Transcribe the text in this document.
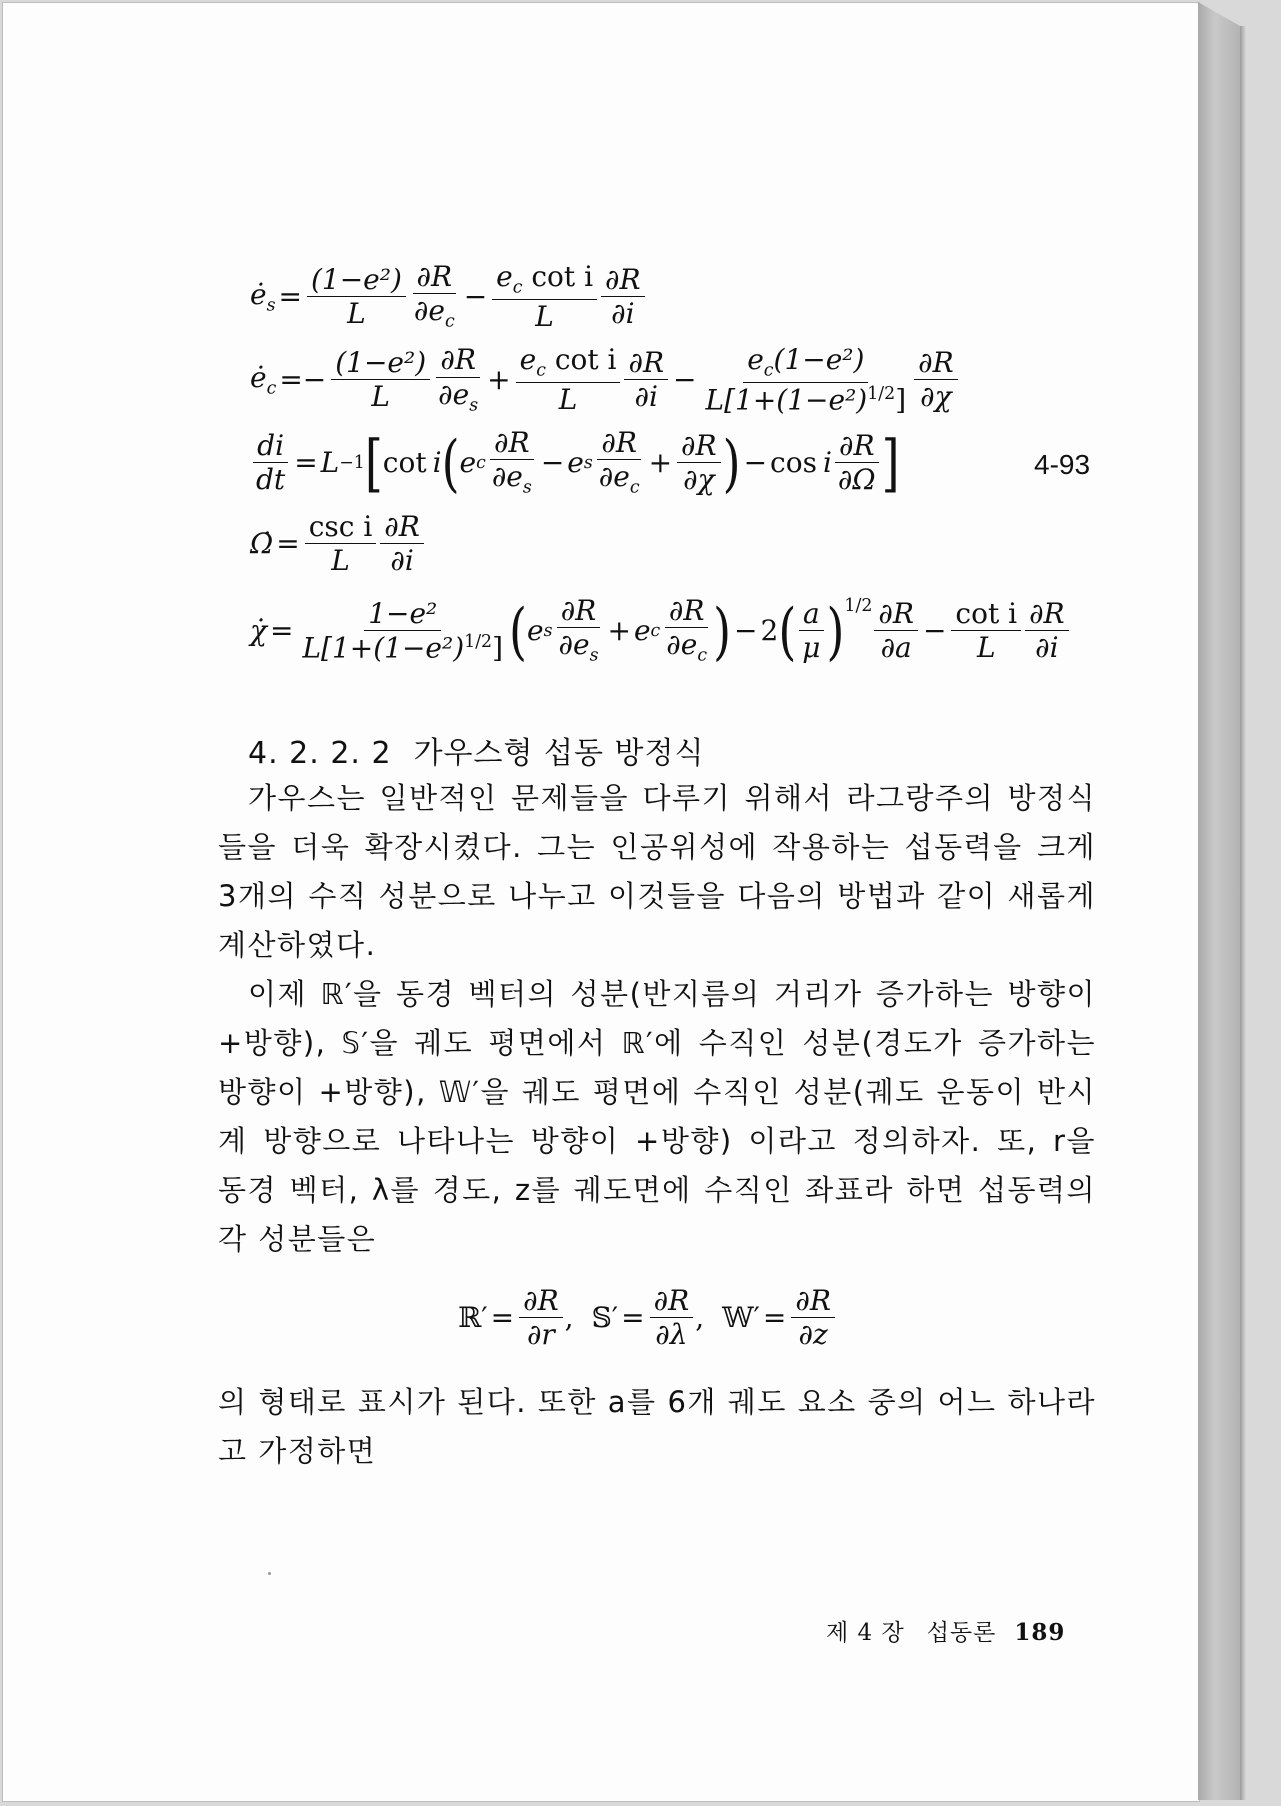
$ė_s = \frac{\text{(1−e²)}}{L} \frac{\partial R}{\partial e_c} - \frac{e_c \cot i}{L} \frac{\partial R}{\partial i}$
$ė_c =- \frac{\text{(1−e²)}}{L} \frac{\partial R}{\partial e_s} + \frac{e_c \cot i}{L} \frac{\partial R}{\partial i} - \frac{e_c(1-e^2)}{L[1+(1-e^2)^{1/2}]} \frac{\partial R}{\partial\chi}$
$\frac{di}{dt} = L -1$ [ cot i ( e c $\frac{\partial R}{\partial e_s} - e$ s $\frac{\partial R}{\partial e_c} + \frac{\partial R}{\partial\chi}$ ) − cos i $\frac{\partial R}{\partial\Omega}$ ]	4-93
Ω̇ = $\frac{\text{csc i}}{L} \frac{\partial R}{\partial i}$
χ̇ = $\frac{\text{1−e²}}{L[1+(1-e^2)^{1/2}]}$ ( e s $\frac{\partial R}{\partial e_s} + e$ c $\frac{\partial R}{\partial e_c}$ ) − 2 ( $\frac{a}{\mu} )^{1/2} \frac{\partial R}{\partial a} - \frac{\text{cot i}}{L} \frac{\partial R}{\partial i}$
4. 2. 2. 2 가우스형 섭동 방정식

가우스는 일반적인 문제들을 다루기 위해서 라그랑주의 방정식들을 더욱 확장시켰다. 그는 인공위성에 작용하는 섭동력을 크게 3개의 수직 성분으로 나누고 이것들을 다음의 방법과 같이 새롭게 계산하였다.

이제 ℝ′을 동경 벡터의 성분(반지름의 거리가 증가하는 방향이 +방향), 𝕊′을 궤도 평면에서 ℝ′에 수직인 성분(경도가 증가하는 방향이 +방향), 𝕎′을 궤도 평면에 수직인 성분(궤도 운동이 반시계 방향으로 나타나는 방향이 +방향) 이라고 정의하자. 또, r을 동경 벡터, λ를 경도, z를 궤도면에 수직인 좌표라 하면 섭동력의 각 성분들은

ℝ′ = $\frac{\partial R}{\partial r}$ , 𝕊′ = $\frac{\partial R}{\partial\lambda}$ , 𝕎′ = $\frac{\partial R}{\partial z}$

의 형태로 표시가 된다. 또한 a를 6개 궤도 요소 중의 어느 하나라고 가정하면

제 4 장 섭동론 189
